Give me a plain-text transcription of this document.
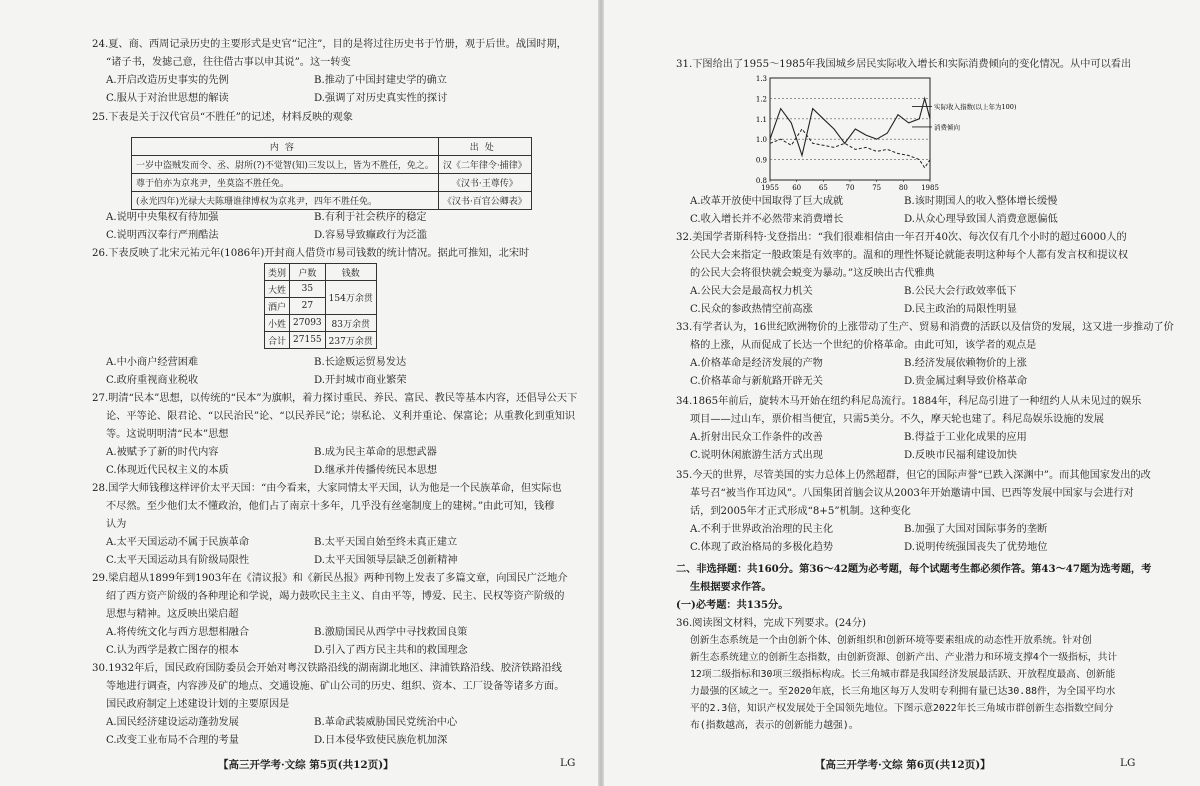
24.夏、商、西周记录历史的主要形式是史官“记注”，目的是将过往历史书于竹册，观于后世。战国时期，
“诸子书，发摅己意，往往借古事以申其说”。这一转变
A.开启改造历史事实的先例	B.推动了中国封建史学的确立
C.服从于对治世思想的解读	D.强调了对历史真实性的探讨
25.下表是关于汉代官员“不胜任”的记述，材料反映的观象
内容	出处
一岁中盗贼发而令、丞、尉所(?)不觉智(知)三发以上，皆为不胜任，免之。	汉《二年律令·捕律》
尊于伯亦为京兆尹，坐莫盗不胜任免。	《汉书·王尊传》
(永光四年)光禄大夫陈珊谁律博权为京兆尹，四年不胜任免。	《汉书·百官公卿表》
A.说明中央集权有待加强	B.有利于社会秩序的稳定
C.说明西汉奉行严刑酷法	D.容易导致癫政行为泛滥
26.下表反映了北宋元祐元年(1086年)开封商人借贷市易司钱数的统计情况。据此可推知，北宋时
类别	户数	钱数
大姓	35	154万余贯
酒户	27	
小姓	27093	83万余贯
合计	27155	237万余贯
A.中小商户经营困难	B.长途贩运贸易发达
C.政府重视商业税收	D.开封城市商业繁荣
27.明清“民本”思想，以传统的“民本”为旗帜，着力探讨重民、养民、富民、教民等基本内容，还倡导公天下
论、平等论、限君论、“以民治民”论、“以民养民”论；崇私论、义利并重论、保富论；从重教化到重知识
等。这说明明清“民本”思想
A.被赋予了新的时代内容	B.成为民主革命的思想武器
C.体现近代民权主义的本质	D.继承并传播传统民本思想
28.国学大师钱穆这样评价太平天国：“由今看来，大家同情太平天国，认为他是一个民族革命，但实际也
不尽然。至少他们太不懂政治，他们占了南京十多年，几乎没有丝毫制度上的建树。”由此可知，钱穆
认为
A.太平天国运动不属于民族革命	B.太平天国自始至终未真正建立
C.太平天国运动具有阶级局限性	D.太平天国领导层缺乏创新精神
29.梁启超从1899年到1903年在《清议报》和《新民丛报》两种刊物上发表了多篇文章，向国民广泛地介
绍了西方资产阶级的各种理论和学说，竭力鼓吹民主主义、自由平等，博爱、民主、民权等资产阶级的
思想与精神。这反映出梁启超
A.将传统文化与西方思想相融合	B.激励国民从西学中寻找救国良策
C.认为西学是救亡图存的根本	D.引入了西方民主共和的救国理念
30.1932年后，国民政府国防委员会开始对粤汉铁路沿线的湖南湖北地区、津浦铁路沿线、胶济铁路沿线
等地进行调查，内容涉及矿的地点、交通设施、矿山公司的历史、组织、资本、工厂设备等诸多方面。
国民政府制定上述建设计划的主要原因是
A.国民经济建设运动蓬勃发展	B.革命武装威胁国民党统治中心
C.改变工业布局不合理的考量	D.日本侵华致使民族危机加深
【高三开学考·文综 第5页(共12页)】	LG
31.下图给出了1955～1985年我国城乡居民实际收入增长和实际消费倾向的变化情况。从中可以看出
0.8
0.9
1.0
1.1
1.2
1.3
1955 60	65	70	75	80 1985
实际收入指数(以上年为100)
消费倾向
A.改革开放使中国取得了巨大成就	B.该时期国人的收入整体增长缓慢
C.收入增长并不必然带来消费增长	D.从众心理导致国人消费意愿偏低
32.美国学者斯科特·戈登指出：“我们很难相信由一年召开40次、每次仅有几个小时的超过6000人的
公民大会来指定一般政策是有效率的。温和的理性怀疑论就能表明这种每个人都有发言权和提议权
的公民大会将很快就会蜕变为暴动。”这反映出古代雅典
A.公民大会是最高权力机关	B.公民大会行政效率低下
C.民众的参政热情空前高涨	D.民主政治的局限性明显
33.有学者认为，16世纪欧洲物价的上涨带动了生产、贸易和消费的活跃以及信贷的发展，这又进一步推动了价
格的上涨，从而促成了长达一个世纪的价格革命。由此可知，该学者的观点是
A.价格革命是经济发展的产物	B.经济发展依赖物价的上涨
C.价格革命与新航路开辟无关	D.贵金属过剩导致价格革命
34.1865年前后，旋转木马开始在纽约科尼岛流行。1884年，科尼岛引进了一种纽约人从未见过的娱乐
项目——过山车，票价相当便宜，只需5美分。不久，摩天轮也建了。科尼岛娱乐设施的发展
A.折射出民众工作条件的改善	B.得益于工业化成果的应用
C.说明休闲旅游生活方式出现	D.反映市民福利建设加快
35.今天的世界，尽管美国的实力总体上仍然超群，但它的国际声誉“已跌入深渊中”。而其他国家发出的改
革号召“被当作耳边风”。八国集团首脑会议从2003年开始邀请中国、巴西等发展中国家与会进行对
话，到2005年才正式形成“8+5”机制。这种变化
A.不利于世界政治治理的民主化	B.加强了大国对国际事务的垄断
C.体现了政治格局的多极化趋势	D.说明传统强国丧失了优势地位
二、非选择题：共160分。第36～42题为必考题，每个试题考生都必须作答。第43～47题为选考题，考
生根据要求作答。
(一)必考题：共135分。
36.阅读图文材料，完成下列要求。(24分)
创新生态系统是一个由创新个体、创新组织和创新环境等要素组成的动态性开放系统。针对创
新生态系统建立的创新生态指数，由创新资源、创新产出、产业潜力和环境支撑4个一级指标，共计
12项二级指标和30项三级指标构成。长三角城市群是我国经济发展最活跃、开放程度最高、创新能
力最强的区域之一。至2020年底，长三角地区每万人发明专利拥有量已达30.88件，为全国平均水
平的2.3倍，知识产权发展处于全国领先地位。下图示意2022年长三角城市群创新生态指数空间分
布(指数越高，表示的创新能力越强)。
【高三开学考·文综 第6页(共12页)】	LG
